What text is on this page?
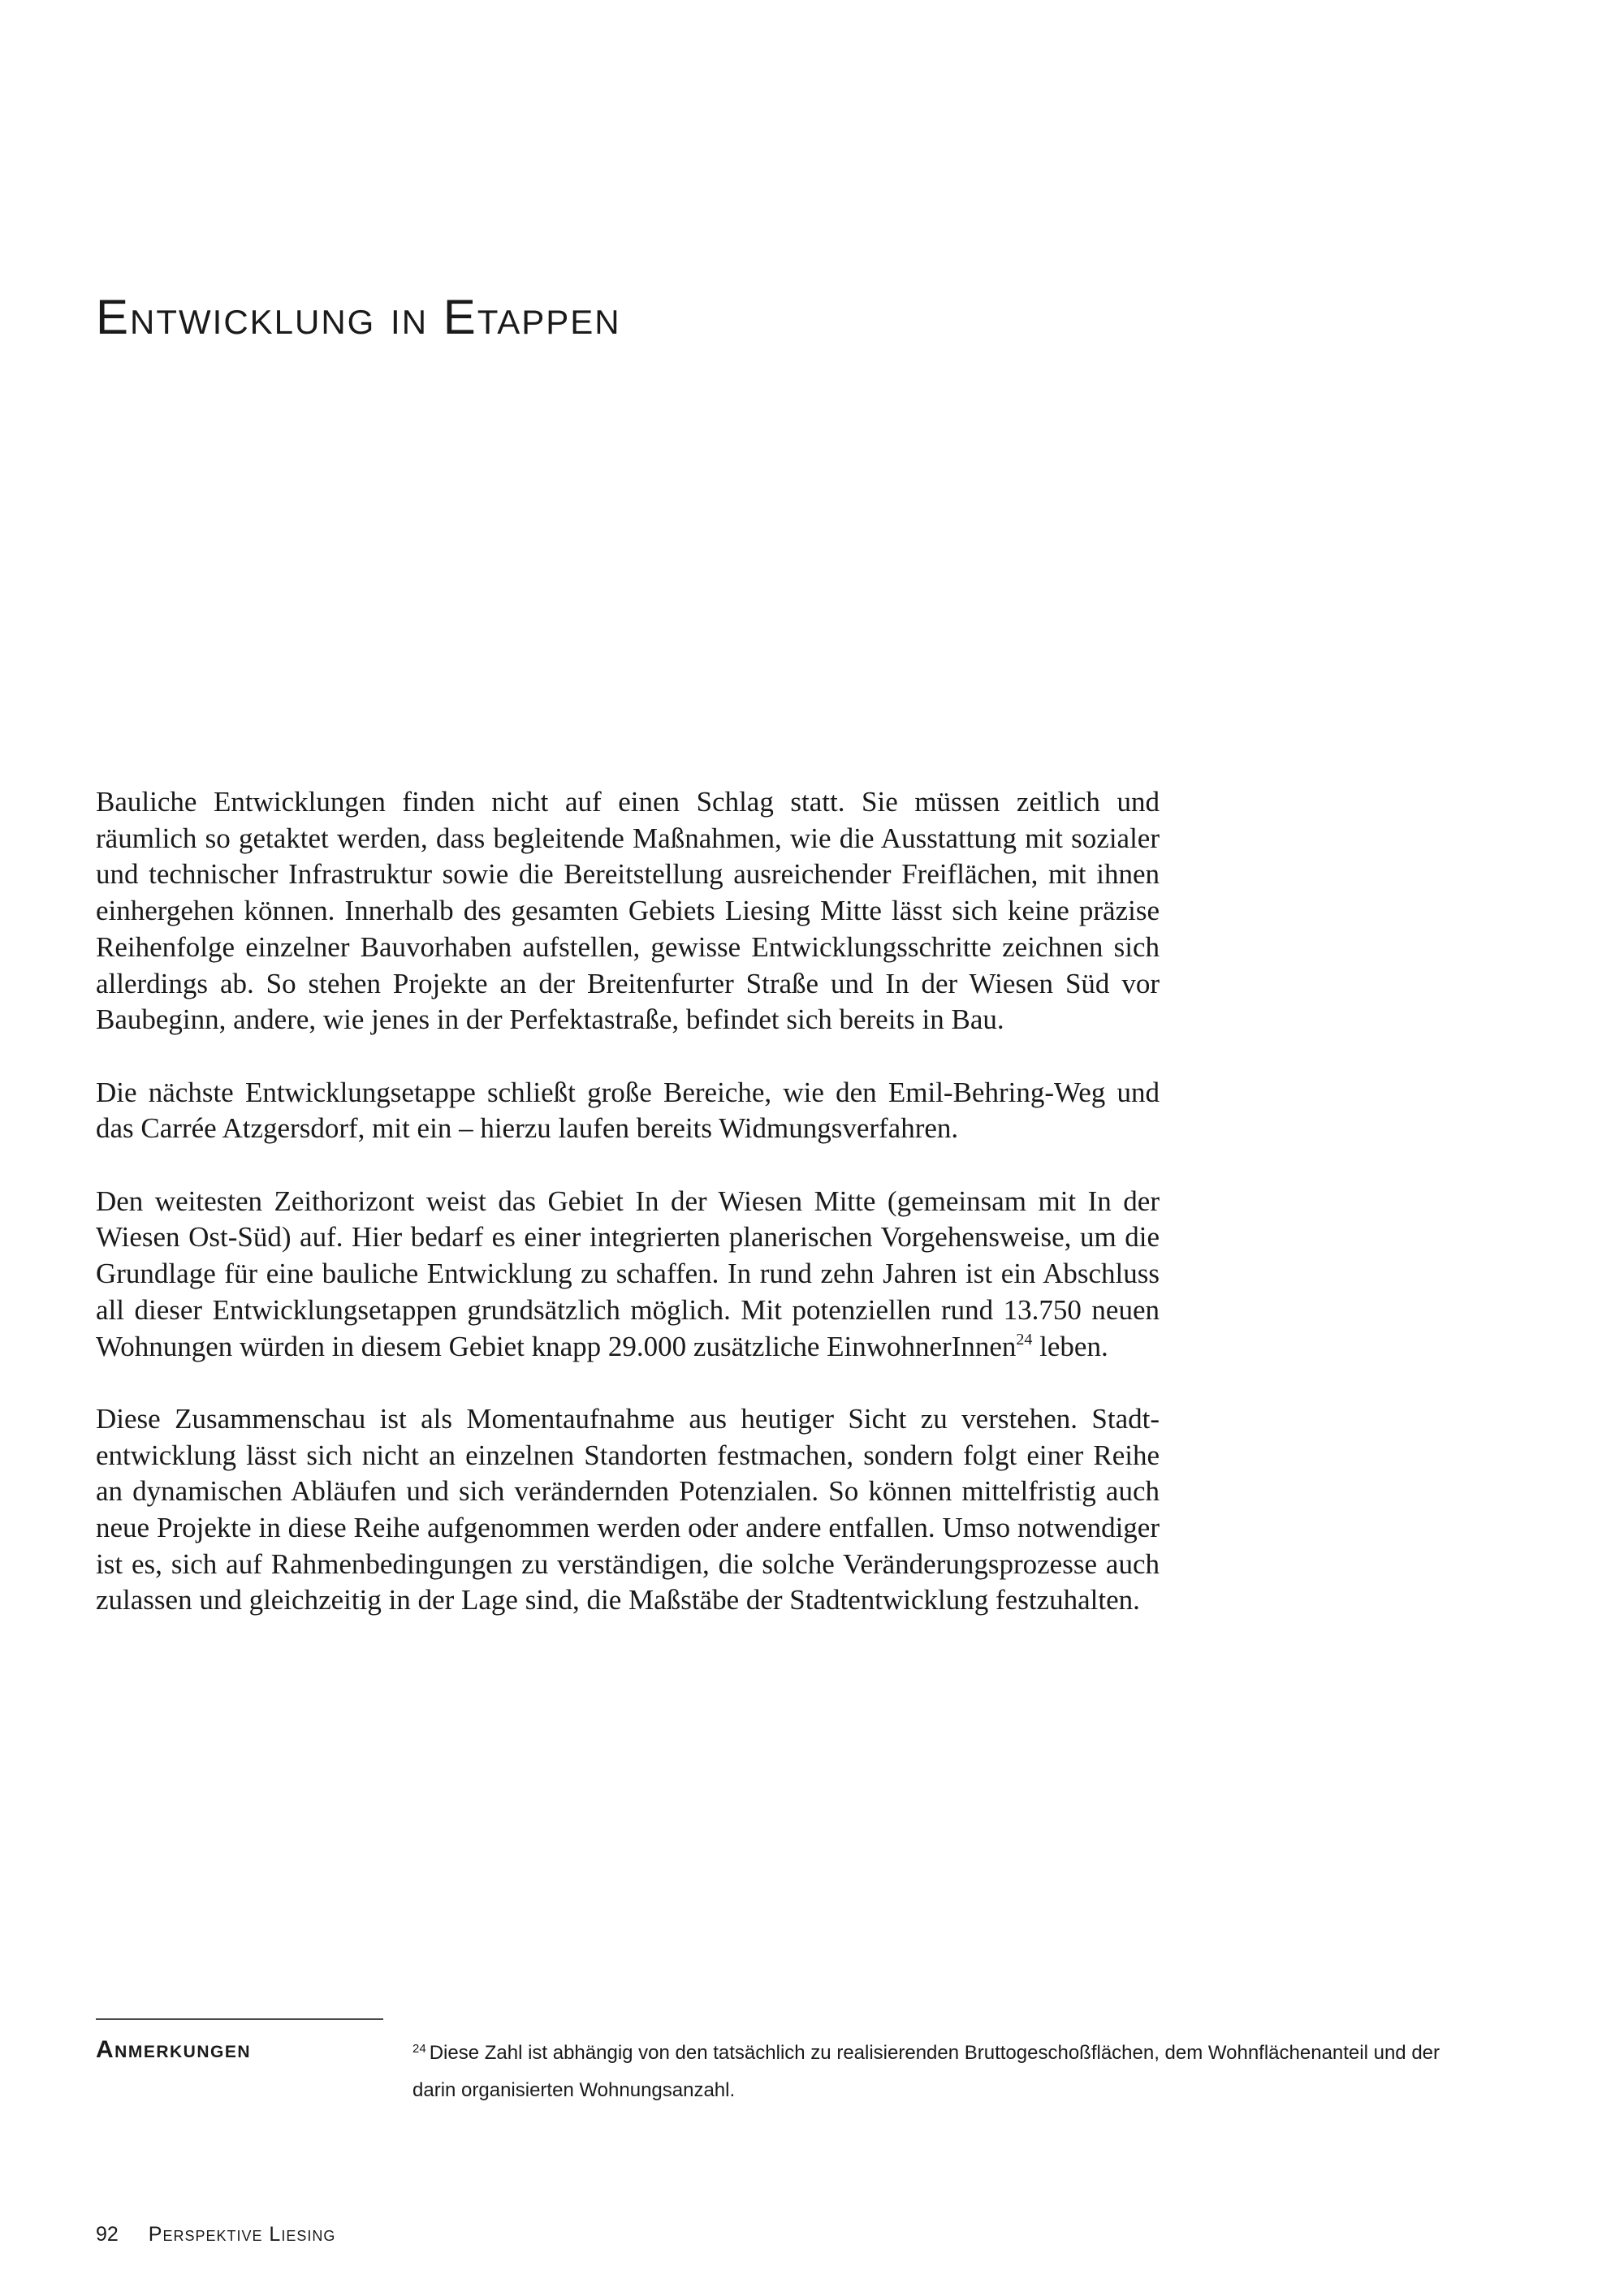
Entwicklung in Etappen

Bauliche Entwicklungen finden nicht auf einen Schlag statt. Sie müssen zeitlich und räumlich so getaktet werden, dass begleitende Maßnahmen, wie die Ausstattung mit sozialer und technischer Infrastruktur sowie die Bereitstellung ausreichender Freiflächen, mit ihnen einhergehen können. Innerhalb des gesamten Gebiets Liesing Mitte lässt sich keine präzise Reihenfolge einzelner Bauvorhaben aufstellen, gewisse Entwicklungsschritte zeichnen sich allerdings ab. So stehen Projekte an der Breitenfurter Straße und In der Wiesen Süd vor Baubeginn, andere, wie jenes in der Perfektastraße, befindet sich bereits in Bau.

Die nächste Entwicklungsetappe schließt große Bereiche, wie den Emil-Behring-Weg und das Carrée Atzgersdorf, mit ein – hierzu laufen bereits Widmungsverfahren.

Den weitesten Zeithorizont weist das Gebiet In der Wiesen Mitte (gemeinsam mit In der Wiesen Ost-Süd) auf. Hier bedarf es einer integrierten planerischen Vorgehensweise, um die Grundlage für eine bauliche Entwicklung zu schaffen. In rund zehn Jahren ist ein Abschluss all dieser Entwicklungsetappen grundsätzlich möglich. Mit potenziellen rund 13.750 neuen Wohnungen würden in diesem Gebiet knapp 29.000 zusätzliche EinwohnerInnen$^{24}$ leben.

Diese Zusammenschau ist als Momentaufnahme aus heutiger Sicht zu verstehen. Stadtentwicklung lässt sich nicht an einzelnen Standorten festmachen, sondern folgt einer Reihe an dynamischen Abläufen und sich verändernden Potenzialen. So können mittelfristig auch neue Projekte in diese Reihe aufgenommen werden oder andere entfallen. Umso notwendiger ist es, sich auf Rahmenbedingungen zu verständigen, die solche Veränderungsprozesse auch zulassen und gleichzeitig in der Lage sind, die Maßstäbe der Stadtentwicklung festzuhalten.

Anmerkungen	$^{24}$ Diese Zahl ist abhängig von den tatsächlich zu realisierenden Bruttogeschoßflächen, dem Wohnflächenanteil und der darin organisierten Wohnungsanzahl.
92 Perspektive Liesing
